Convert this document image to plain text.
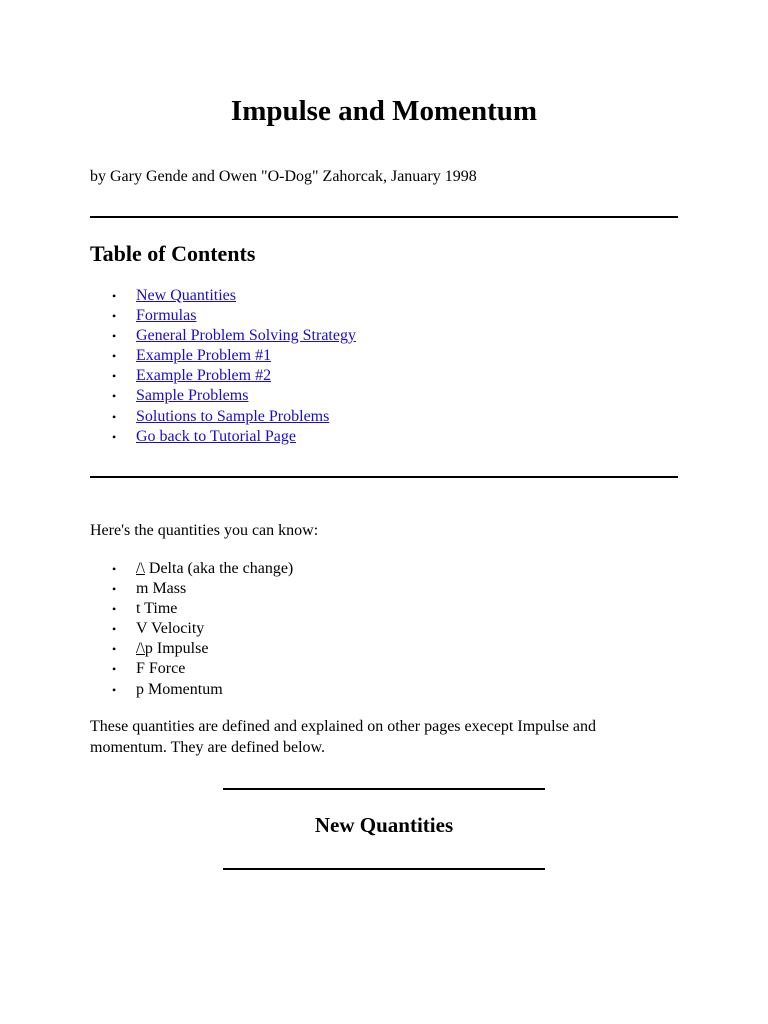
Impulse and Momentum

by Gary Gende and Owen "O-Dog" Zahorcak, January 1998

Table of Contents
• New Quantities
• Formulas
• General Problem Solving Strategy
• Example Problem #1
• Example Problem #2
• Sample Problems
• Solutions to Sample Problems
• Go back to Tutorial Page

Here's the quantities you can know:

• /\ Delta (aka the change)
• m Mass
• t Time
• V Velocity
• /\p Impulse
• F Force
• p Momentum

These quantities are defined and explained on other pages execept Impulse and momentum. They are defined below.

New Quantities
